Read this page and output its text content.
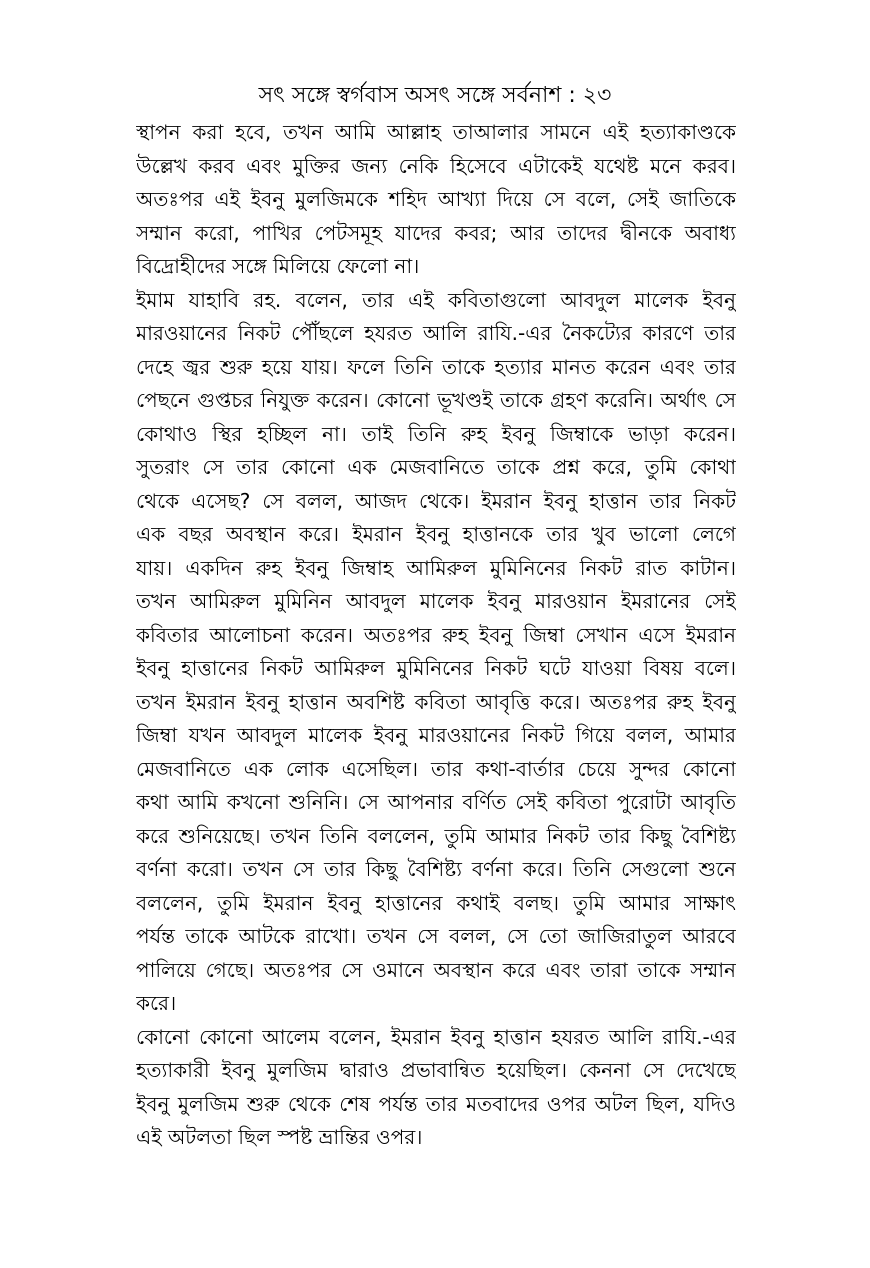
সৎ সঙ্গে স্বর্গবাস অসৎ সঙ্গে সর্বনাশ : ২৩
স্থাপন করা হবে, তখন আমি আল্লাহ তাআলার সামনে এই হত্যাকাণ্ডকে
উল্লেখ করব এবং মুক্তির জন্য নেকি হিসেবে এটাকেই যথেষ্ট মনে করব।
অতঃপর এই ইবনু মুলজিমকে শহিদ আখ্যা দিয়ে সে বলে, সেই জাতিকে
সম্মান করো, পাখির পেটসমূহ যাদের কবর; আর তাদের দ্বীনকে অবাধ্য
বিদ্রোহীদের সঙ্গে মিলিয়ে ফেলো না।
ইমাম যাহাবি রহ. বলেন, তার এই কবিতাগুলো আবদুল মালেক ইবনু
মারওয়ানের নিকট পৌঁছলে হযরত আলি রাযি.-এর নৈকট্যের কারণে তার
দেহে জ্বর শুরু হয়ে যায়। ফলে তিনি তাকে হত্যার মানত করেন এবং তার
পেছনে গুপ্তচর নিযুক্ত করেন। কোনো ভূখণ্ডই তাকে গ্রহণ করেনি। অর্থাৎ সে
কোথাও স্থির হচ্ছিল না। তাই তিনি রুহ ইবনু জিম্বাকে ভাড়া করেন।
সুতরাং সে তার কোনো এক মেজবানিতে তাকে প্রশ্ন করে, তুমি কোথা
থেকে এসেছ? সে বলল, আজদ থেকে। ইমরান ইবনু হাত্তান তার নিকট
এক বছর অবস্থান করে। ইমরান ইবনু হাত্তানকে তার খুব ভালো লেগে
যায়। একদিন রুহ ইবনু জিম্বাহ আমিরুল মুমিনিনের নিকট রাত কাটান।
তখন আমিরুল মুমিনিন আবদুল মালেক ইবনু মারওয়ান ইমরানের সেই
কবিতার আলোচনা করেন। অতঃপর রুহ ইবনু জিম্বা সেখান এসে ইমরান
ইবনু হাত্তানের নিকট আমিরুল মুমিনিনের নিকট ঘটে যাওয়া বিষয় বলে।
তখন ইমরান ইবনু হাত্তান অবশিষ্ট কবিতা আবৃত্তি করে। অতঃপর রুহ ইবনু
জিম্বা যখন আবদুল মালেক ইবনু মারওয়ানের নিকট গিয়ে বলল, আমার
মেজবানিতে এক লোক এসেছিল। তার কথা-বার্তার চেয়ে সুন্দর কোনো
কথা আমি কখনো শুনিনি। সে আপনার বর্ণিত সেই কবিতা পুরোটা আবৃতি
করে শুনিয়েছে। তখন তিনি বললেন, তুমি আমার নিকট তার কিছু বৈশিষ্ট্য
বর্ণনা করো। তখন সে তার কিছু বৈশিষ্ট্য বর্ণনা করে। তিনি সেগুলো শুনে
বললেন, তুমি ইমরান ইবনু হাত্তানের কথাই বলছ। তুমি আমার সাক্ষাৎ
পর্যন্ত তাকে আটকে রাখো। তখন সে বলল, সে তো জাজিরাতুল আরবে
পালিয়ে গেছে। অতঃপর সে ওমানে অবস্থান করে এবং তারা তাকে সম্মান
করে।
কোনো কোনো আলেম বলেন, ইমরান ইবনু হাত্তান হযরত আলি রাযি.-এর
হত্যাকারী ইবনু মুলজিম দ্বারাও প্রভাবান্বিত হয়েছিল। কেননা সে দেখেছে
ইবনু মুলজিম শুরু থেকে শেষ পর্যন্ত তার মতবাদের ওপর অটল ছিল, যদিও
এই অটলতা ছিল স্পষ্ট ভ্রান্তির ওপর।
